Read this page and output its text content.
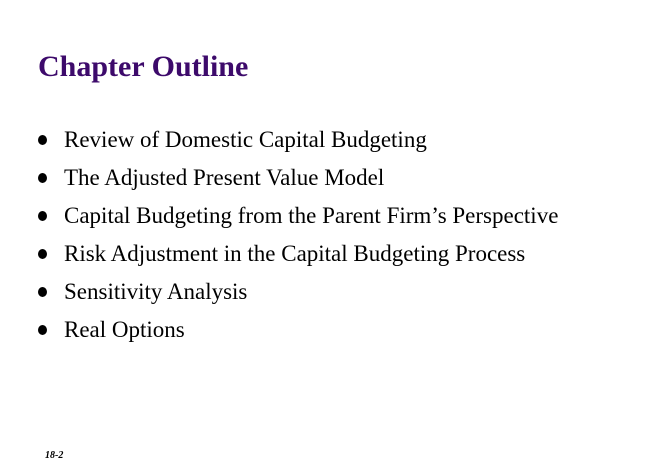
Chapter Outline
Review of Domestic Capital Budgeting
The Adjusted Present Value Model
Capital Budgeting from the Parent Firm’s Perspective
Risk Adjustment in the Capital Budgeting Process
Sensitivity Analysis
Real Options
18-2
